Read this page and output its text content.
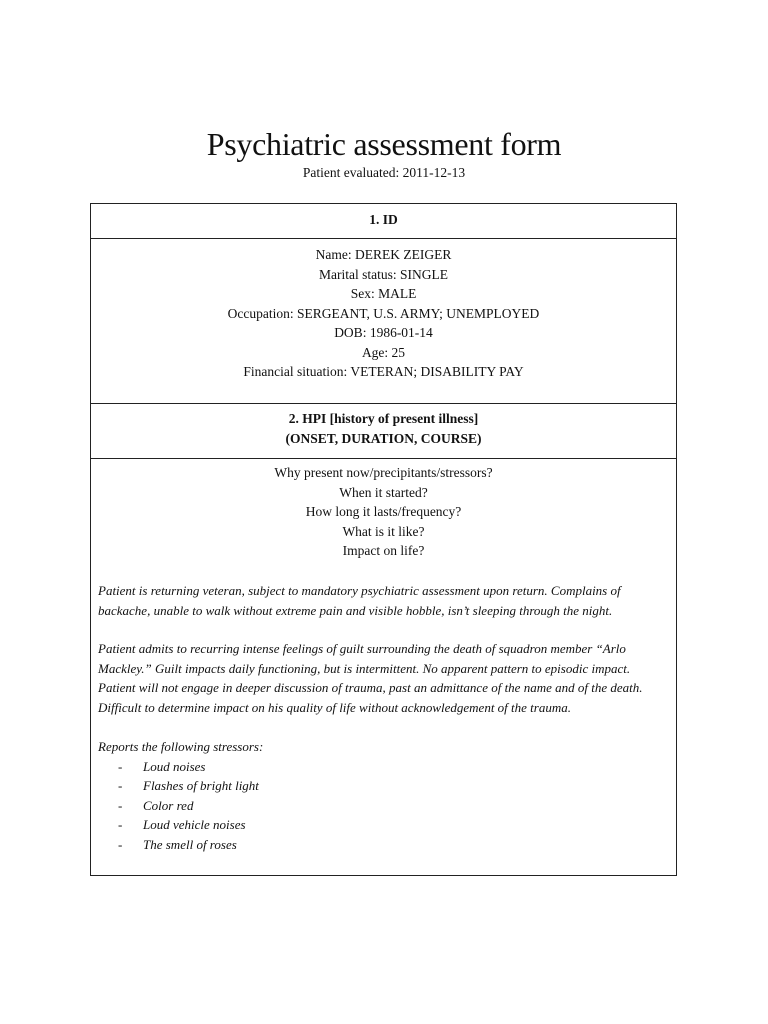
Psychiatric assessment form
Patient evaluated: 2011-12-13
1. ID
Name: DEREK ZEIGER
Marital status: SINGLE
Sex: MALE
Occupation: SERGEANT, U.S. ARMY; UNEMPLOYED
DOB: 1986-01-14
Age: 25
Financial situation: VETERAN; DISABILITY PAY
2. HPI [history of present illness]
(ONSET, DURATION, COURSE)
Why present now/precipitants/stressors?
When it started?
How long it lasts/frequency?
What is it like?
Impact on life?

Patient is returning veteran, subject to mandatory psychiatric assessment upon return. Complains of backache, unable to walk without extreme pain and visible hobble, isn’t sleeping through the night.

Patient admits to recurring intense feelings of guilt surrounding the death of squadron member “Arlo Mackley.” Guilt impacts daily functioning, but is intermittent. No apparent pattern to episodic impact. Patient will not engage in deeper discussion of trauma, past an admittance of the name and of the death. Difficult to determine impact on his quality of life without acknowledgement of the trauma.

Reports the following stressors:

- Loud noises
- Flashes of bright light
- Color red
- Loud vehicle noises
- The smell of roses
